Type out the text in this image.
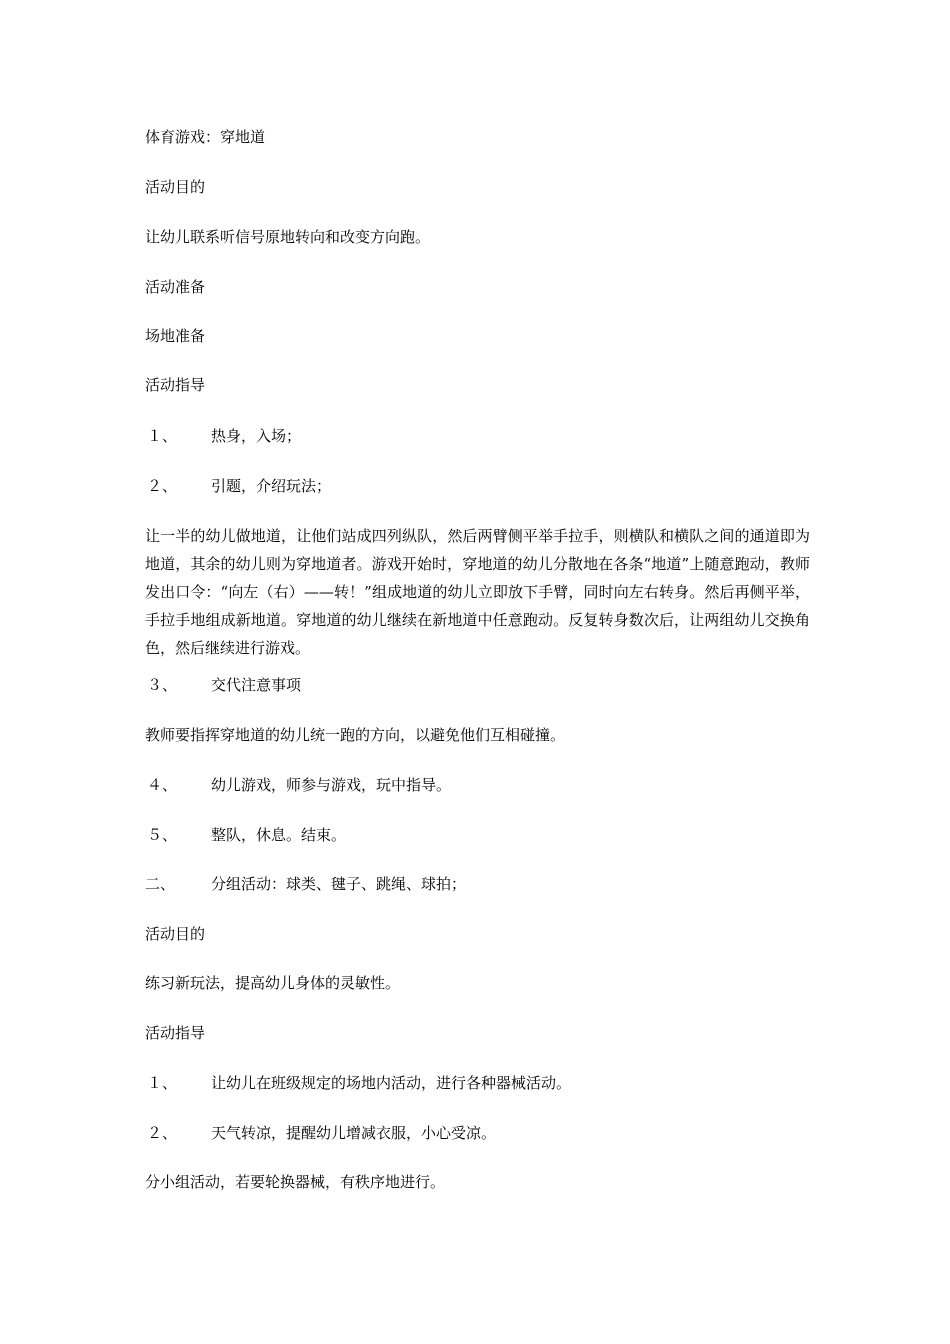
体育游戏：穿地道
活动目的
让幼儿联系听信号原地转向和改变方向跑。
活动准备
场地准备
活动指导
１、 热身，入场；
２、 引题，介绍玩法；
让一半的幼儿做地道，让他们站成四列纵队，然后两臂侧平举手拉手，则横队和横队之间的通道即为地道，其余的幼儿则为穿地道者。游戏开始时，穿地道的幼儿分散地在各条“地道”上随意跑动，教师发出口令：“向左（右）——转！”组成地道的幼儿立即放下手臂，同时向左右转身。然后再侧平举，手拉手地组成新地道。穿地道的幼儿继续在新地道中任意跑动。反复转身数次后，让两组幼儿交换角色，然后继续进行游戏。
３、 交代注意事项
教师要指挥穿地道的幼儿统一跑的方向，以避免他们互相碰撞。
４、 幼儿游戏，师参与游戏，玩中指导。
５、 整队，休息。结束。
二、 分组活动：球类、毽子、跳绳、球拍；
活动目的
练习新玩法，提高幼儿身体的灵敏性。
活动指导
１、 让幼儿在班级规定的场地内活动，进行各种器械活动。
２、 天气转凉，提醒幼儿增减衣服，小心受凉。
分小组活动，若要轮换器械，有秩序地进行。
